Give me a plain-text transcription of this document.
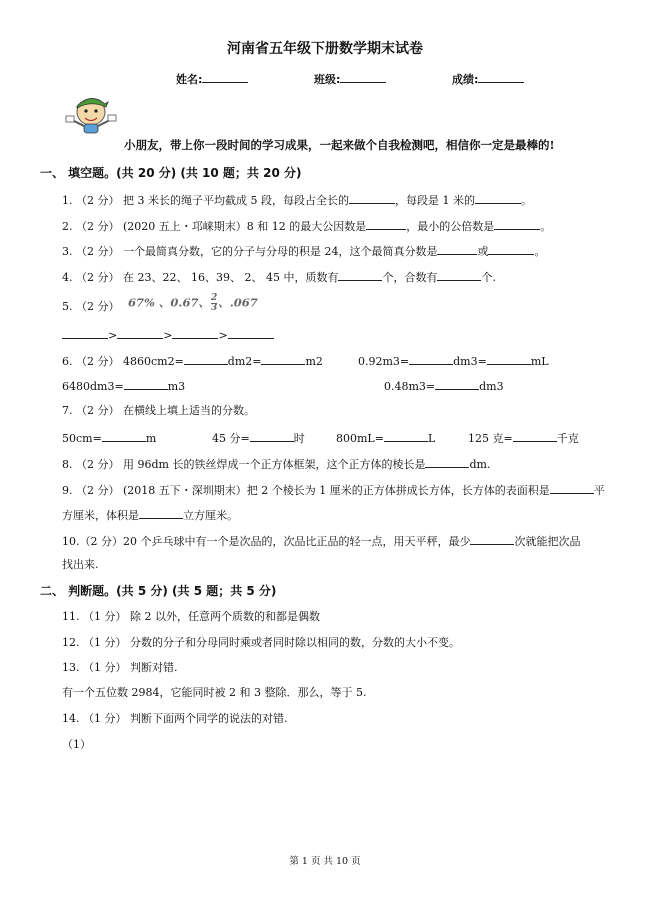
河南省五年级下册数学期末试卷
姓名:	班级:	成绩:
小朋友，带上你一段时间的学习成果，一起来做个自我检测吧，相信你一定是最棒的!
一、 填空题。(共 20 分) (共 10 题；共 20 分)
1. （2 分） 把 3 米长的绳子平均截成 5 段，每段占全长的	，每段是 1 米的	。
2. （2 分） (2020 五上・邛崃期末）8 和 12 的最大公因数是	，最小的公倍数是	。
3. （2 分） 一个最简真分数，它的分子与分母的积是 24，这个最简真分数是	或	。
4. （2 分） 在 23、22、 16、39、 2、 45 中，质数有	个，合数有	个.
5. （2 分） 67% 、0.67、 $\frac{2}{3}$ 、.067
>	>	>
6. （2 分） 4860cm2=	dm2=	m2	0.92m3=	dm3=	mL
6480dm3=	m3	0.48m3=	dm3
7. （2 分） 在横线上填上适当的分数。
50cm=	m	45 分=	时	800mL=	L	125 克=	千克
8. （2 分） 用 96dm 长的铁丝焊成一个正方体框架，这个正方体的棱长是	dm.
9. （2 分） (2018 五下・深圳期末）把 2 个棱长为 1 厘米的正方体拼成长方体，长方体的表面积是	平
方厘米，体积是	立方厘米。
10.（2 分）20 个乒乓球中有一个是次品的，次品比正品的轻一点，用天平秤，最少	次就能把次品
找出来.
二、 判断题。(共 5 分) (共 5 题；共 5 分)
11. （1 分） 除 2 以外，任意两个质数的和都是偶数
12. （1 分） 分数的分子和分母同时乘或者同时除以相同的数，分数的大小不变。
13. （1 分） 判断对错.
有一个五位数 2984，它能同时被 2 和 3 整除．那么，等于 5.
14. （1 分） 判断下面两个同学的说法的对错.
（1）
第 1 页 共 10 页
